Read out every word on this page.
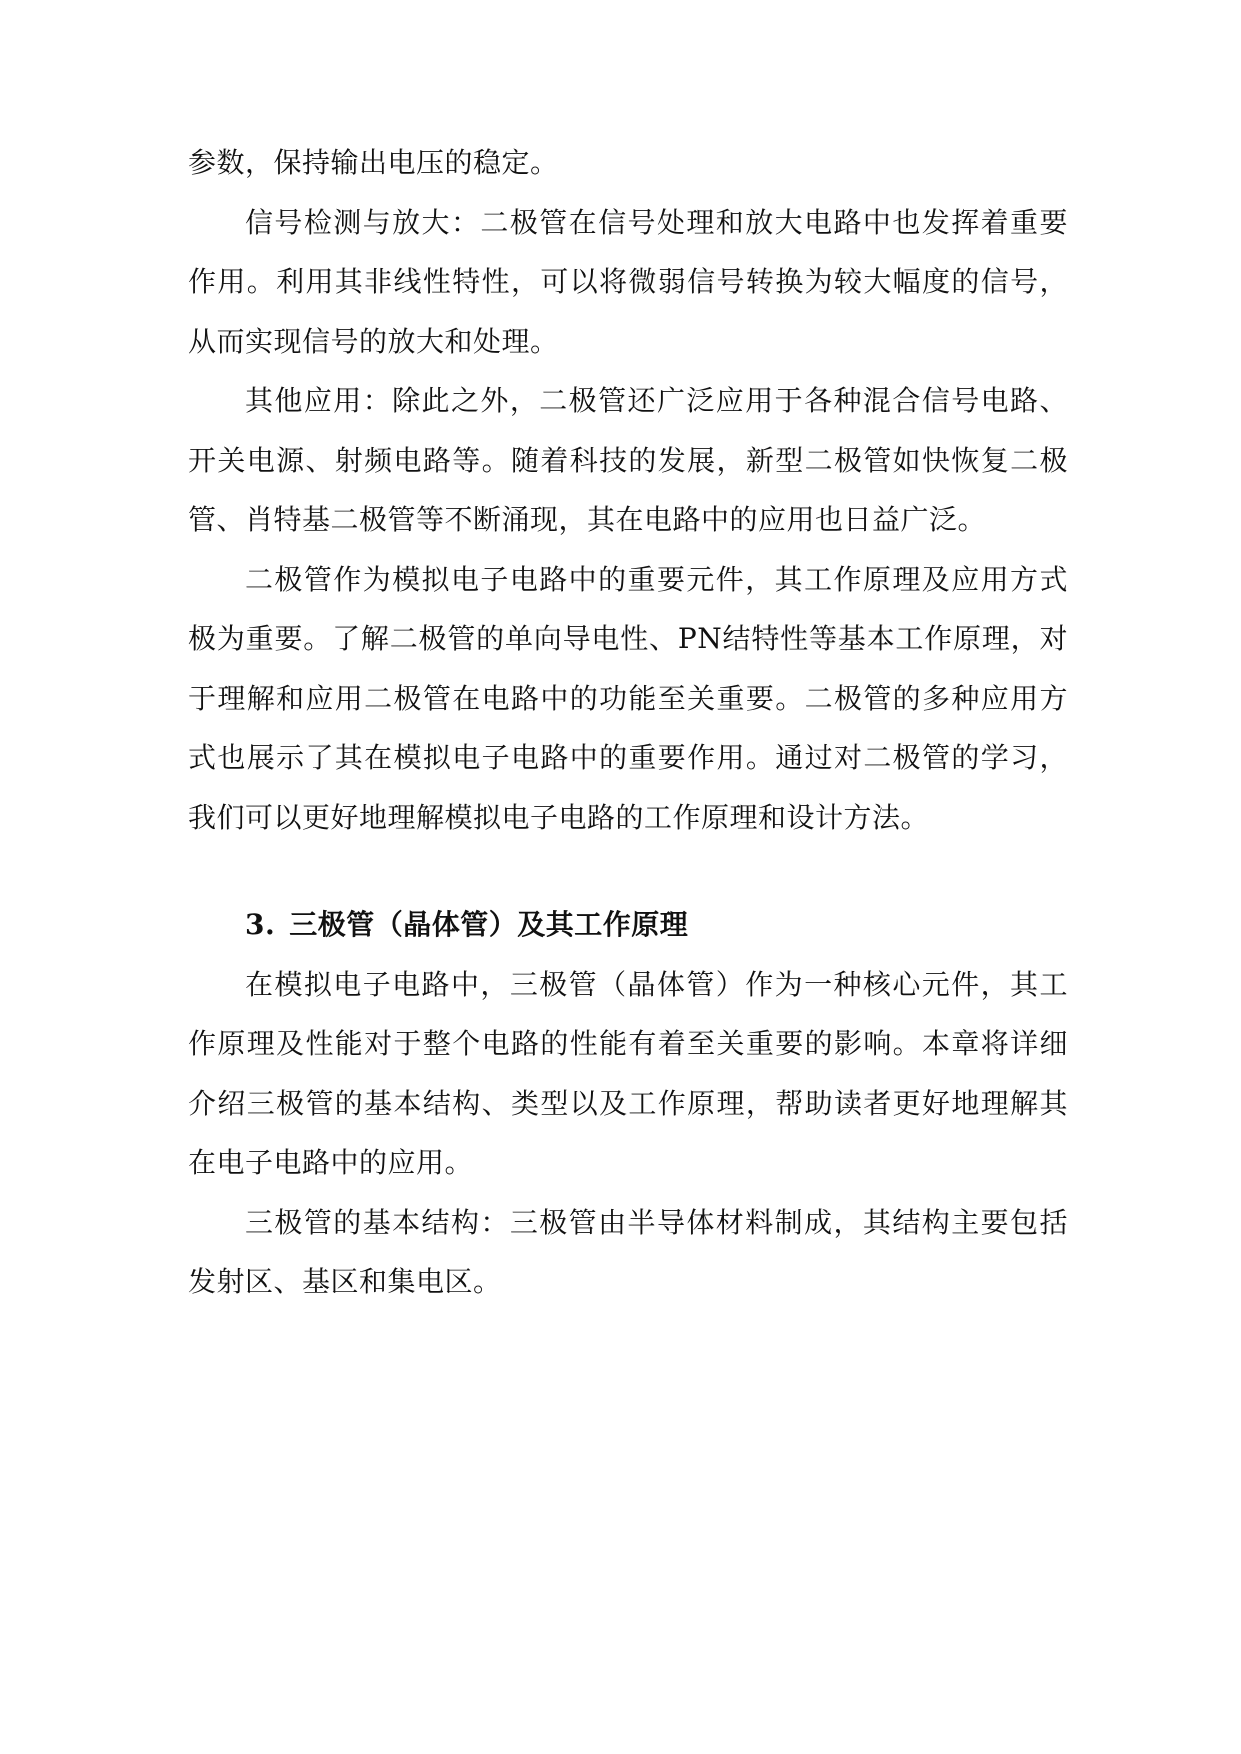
参数，保持输出电压的稳定。

信号检测与放大：二极管在信号处理和放大电路中也发挥着重要作用。利用其非线性特性，可以将微弱信号转换为较大幅度的信号，从而实现信号的放大和处理。

其他应用：除此之外，二极管还广泛应用于各种混合信号电路、开关电源、射频电路等。随着科技的发展，新型二极管如快恢复二极管、肖特基二极管等不断涌现，其在电路中的应用也日益广泛。

二极管作为模拟电子电路中的重要元件，其工作原理及应用方式极为重要。了解二极管的单向导电性、PN结特性等基本工作原理，对于理解和应用二极管在电路中的功能至关重要。二极管的多种应用方式也展示了其在模拟电子电路中的重要作用。通过对二极管的学习，我们可以更好地理解模拟电子电路的工作原理和设计方法。

3. 三极管（晶体管）及其工作原理

在模拟电子电路中，三极管（晶体管）作为一种核心元件，其工作原理及性能对于整个电路的性能有着至关重要的影响。本章将详细介绍三极管的基本结构、类型以及工作原理，帮助读者更好地理解其在电子电路中的应用。

三极管的基本结构：三极管由半导体材料制成，其结构主要包括发射区、基区和集电区。
